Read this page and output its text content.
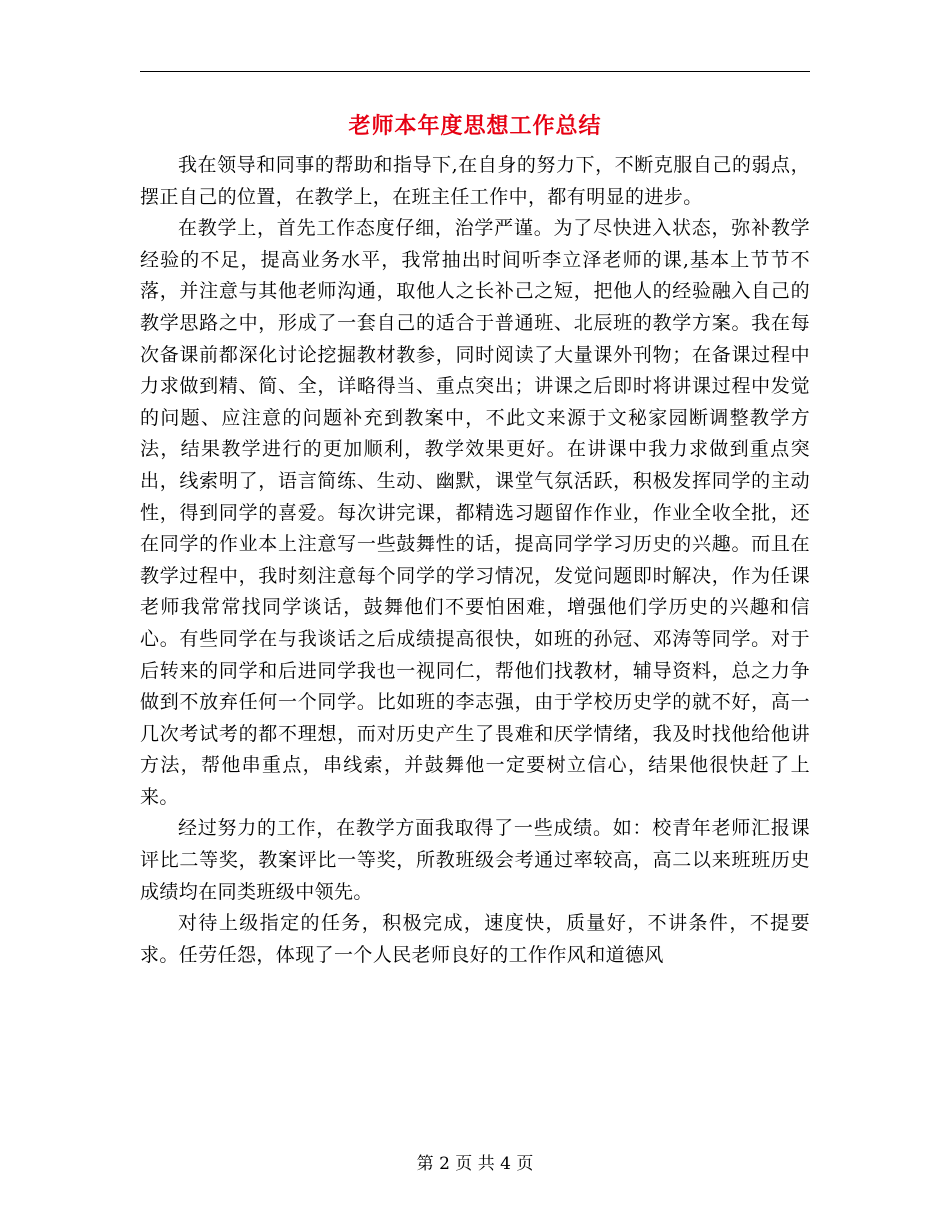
老师本年度思想工作总结

我在领导和同事的帮助和指导下,在自身的努力下，不断克服自己的弱点，摆正自己的位置，在教学上，在班主任工作中，都有明显的进步。

在教学上，首先工作态度仔细，治学严谨。为了尽快进入状态，弥补教学经验的不足，提高业务水平，我常抽出时间听李立泽老师的课,基本上节节不落，并注意与其他老师沟通，取他人之长补己之短，把他人的经验融入自己的教学思路之中，形成了一套自己的适合于普通班、北辰班的教学方案。我在每次备课前都深化讨论挖掘教材教参，同时阅读了大量课外刊物；在备课过程中力求做到精、简、全，详略得当、重点突出；讲课之后即时将讲课过程中发觉的问题、应注意的问题补充到教案中，不此文来源于文秘家园断调整教学方法，结果教学进行的更加顺利，教学效果更好。在讲课中我力求做到重点突出，线索明了，语言简练、生动、幽默，课堂气氛活跃，积极发挥同学的主动性，得到同学的喜爱。每次讲完课，都精选习题留作作业，作业全收全批，还在同学的作业本上注意写一些鼓舞性的话，提高同学学习历史的兴趣。而且在教学过程中，我时刻注意每个同学的学习情况，发觉问题即时解决，作为任课老师我常常找同学谈话，鼓舞他们不要怕困难，增强他们学历史的兴趣和信心。有些同学在与我谈话之后成绩提高很快，如班的孙冠、邓涛等同学。对于后转来的同学和后进同学我也一视同仁，帮他们找教材，辅导资料，总之力争做到不放弃任何一个同学。比如班的李志强，由于学校历史学的就不好，高一几次考试考的都不理想，而对历史产生了畏难和厌学情绪，我及时找他给他讲方法，帮他串重点，串线索，并鼓舞他一定要树立信心，结果他很快赶了上来。

经过努力的工作，在教学方面我取得了一些成绩。如：校青年老师汇报课评比二等奖，教案评比一等奖，所教班级会考通过率较高，高二以来班班历史成绩均在同类班级中领先。

对待上级指定的任务，积极完成，速度快，质量好，不讲条件，不提要求。任劳任怨，体现了一个人民老师良好的工作作风和道德风

第 2 页 共 4 页
